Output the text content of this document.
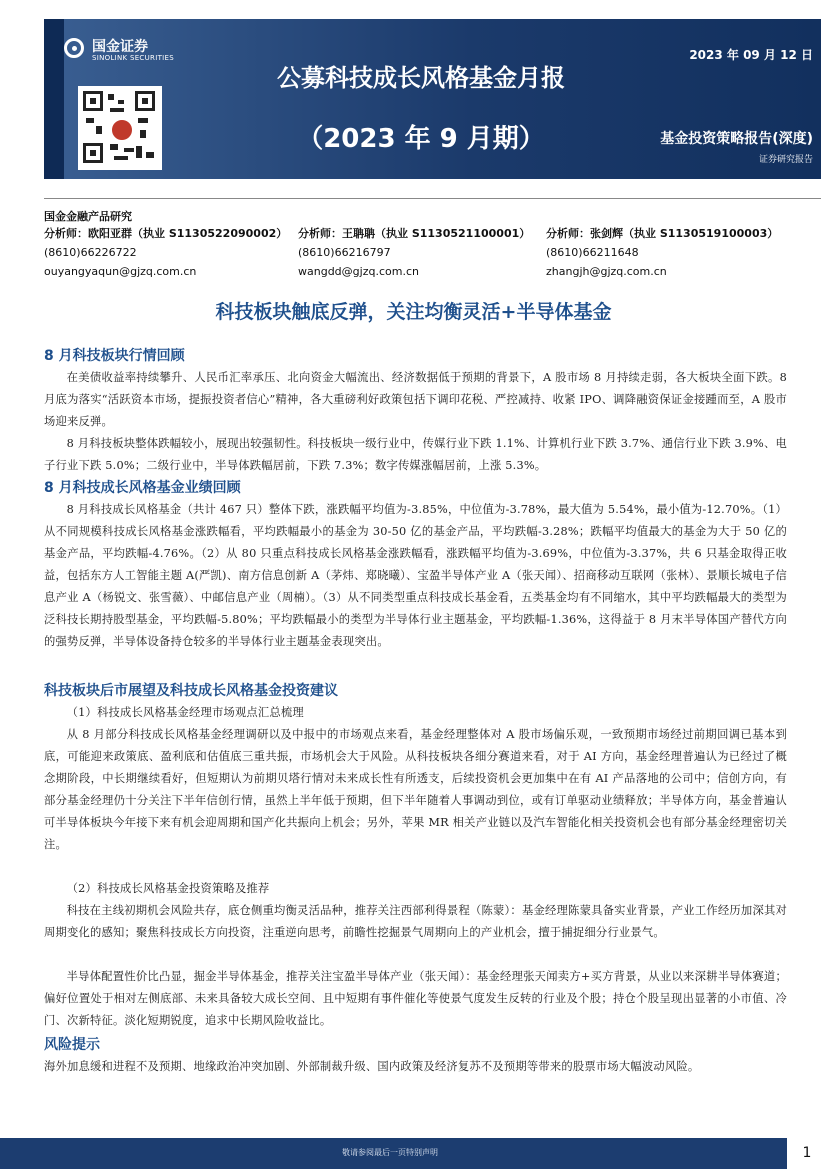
国金证券
SINOLINK SECURITIES
公募科技成长风格基金月报
（2023 年 9 月期）
2023 年 09 月 12 日
基金投资策略报告(深度)
证券研究报告
国金金融产品研究
分析师：欧阳亚群（执业 S1130522090002）
(8610)66226722
ouyangyaqun@gjzq.com.cn
分析师：王聃聃（执业 S1130521100001）
(8610)66216797
wangdd@gjzq.com.cn
分析师：张剑辉（执业 S1130519100003）
(8610)66211648
zhangjh@gjzq.com.cn
科技板块触底反弹，关注均衡灵活+半导体基金
8 月科技板块行情回顾
在美债收益率持续攀升、人民币汇率承压、北向资金大幅流出、经济数据低于预期的背景下，A 股市场 8 月持续走弱，各大板块全面下跌。8 月底为落实“活跃资本市场，提振投资者信心”精神，各大重磅利好政策包括下调印花税、严控减持、收紧 IPO、调降融资保证金接踵而至，A 股市场迎来反弹。
8 月科技板块整体跌幅较小，展现出较强韧性。科技板块一级行业中，传媒行业下跌 1.1%、计算机行业下跌 3.7%、通信行业下跌 3.9%、电子行业下跌 5.0%；二级行业中，半导体跌幅居前，下跌 7.3%；数字传媒涨幅居前，上涨 5.3%。
8 月科技成长风格基金业绩回顾
8 月科技成长风格基金（共计 467 只）整体下跌，涨跌幅平均值为-3.85%，中位值为-3.78%，最大值为 5.54%，最小值为-12.70%。（1）从不同规模科技成长风格基金涨跌幅看，平均跌幅最小的基金为 30-50 亿的基金产品，平均跌幅-3.28%；跌幅平均值最大的基金为大于 50 亿的基金产品，平均跌幅-4.76%。（2）从 80 只重点科技成长风格基金涨跌幅看，涨跌幅平均值为-3.69%，中位值为-3.37%，共 6 只基金取得正收益，包括东方人工智能主题 A(严凯)、南方信息创新 A（茅炜、郑晓曦）、宝盈半导体产业 A（张天闻）、招商移动互联网（张林）、景顺长城电子信息产业 A（杨锐文、张雪薇）、中邮信息产业（周楠）。（3）从不同类型重点科技成长基金看，五类基金均有不同缩水，其中平均跌幅最大的类型为泛科技长期持股型基金，平均跌幅-5.80%；平均跌幅最小的类型为半导体行业主题基金，平均跌幅-1.36%，这得益于 8 月末半导体国产替代方向的强势反弹，半导体设备持仓较多的半导体行业主题基金表现突出。
科技板块后市展望及科技成长风格基金投资建议
（1）科技成长风格基金经理市场观点汇总梳理
从 8 月部分科技成长风格基金经理调研以及中报中的市场观点来看，基金经理整体对 A 股市场偏乐观，一致预期市场经过前期回调已基本到底，可能迎来政策底、盈利底和估值底三重共振，市场机会大于风险。从科技板块各细分赛道来看，对于 AI 方向，基金经理普遍认为已经过了概念期阶段，中长期继续看好，但短期认为前期贝塔行情对未来成长性有所透支，后续投资机会更加集中在有 AI 产品落地的公司中；信创方向，有部分基金经理仍十分关注下半年信创行情，虽然上半年低于预期，但下半年随着人事调动到位，或有订单驱动业绩释放；半导体方向，基金普遍认可半导体板块今年接下来有机会迎周期和国产化共振向上机会；另外，苹果 MR 相关产业链以及汽车智能化相关投资机会也有部分基金经理密切关注。
（2）科技成长风格基金投资策略及推荐
科技在主线初期机会风险共存，底仓侧重均衡灵活品种，推荐关注西部利得景程（陈蒙）：基金经理陈蒙具备实业背景，产业工作经历加深其对周期变化的感知；聚焦科技成长方向投资，注重逆向思考，前瞻性挖掘景气周期向上的产业机会，擅于捕捉细分行业景气。
半导体配置性价比凸显，掘金半导体基金，推荐关注宝盈半导体产业（张天闻）：基金经理张天闻卖方+买方背景，从业以来深耕半导体赛道；偏好位置处于相对左侧底部、未来具备较大成长空间、且中短期有事件催化等使景气度发生反转的行业及个股；持仓个股呈现出显著的小市值、冷门、次新特征。淡化短期锐度，追求中长期风险收益比。
风险提示
海外加息缓和进程不及预期、地缘政治冲突加剧、外部制裁升级、国内政策及经济复苏不及预期等带来的股票市场大幅波动风险。
敬请参阅最后一页特别声明	1
